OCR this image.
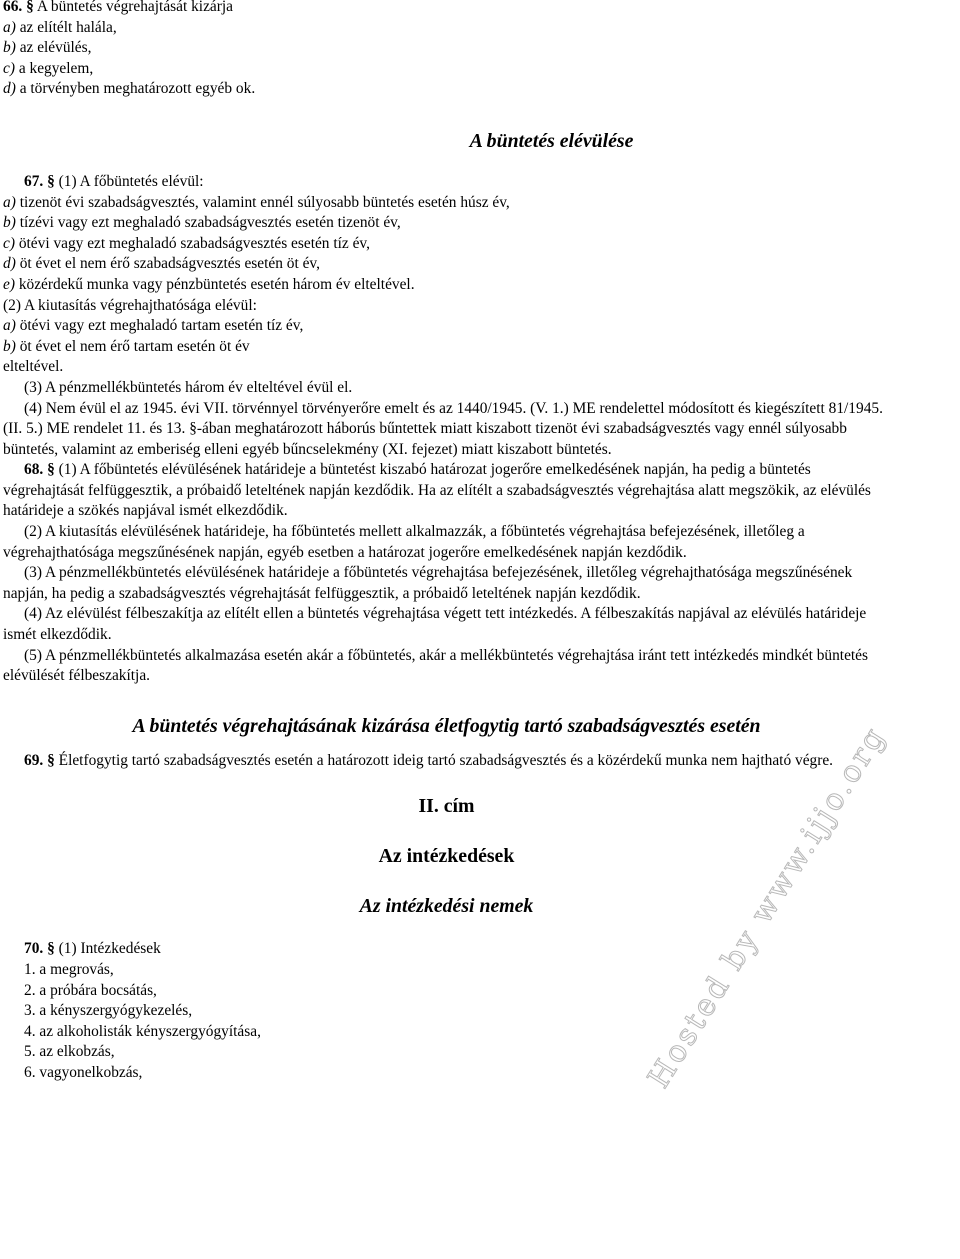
66. § A büntetés végrehajtását kizárja

a) az elítélt halála,

b) az elévülés,

c) a kegyelem,

d) a törvényben meghatározott egyéb ok.

A büntetés elévülése

67. § (1) A főbüntetés elévül:

a) tizenöt évi szabadságvesztés, valamint ennél súlyosabb büntetés esetén húsz év,

b) tízévi vagy ezt meghaladó szabadságvesztés esetén tizenöt év,

c) ötévi vagy ezt meghaladó szabadságvesztés esetén tíz év,

d) öt évet el nem érő szabadságvesztés esetén öt év,

e) közérdekű munka vagy pénzbüntetés esetén három év elteltével.

(2) A kiutasítás végrehajthatósága elévül:

a) ötévi vagy ezt meghaladó tartam esetén tíz év,

b) öt évet el nem érő tartam esetén öt év

elteltével.

(3) A pénzmellékbüntetés három év elteltével évül el.

(4) Nem évül el az 1945. évi VII. törvénnyel törvényerőre emelt és az 1440/1945. (V. 1.) ME rendelettel módosított és kiegészített 81/1945. (II. 5.) ME rendelet 11. és 13. §-ában meghatározott háborús bűntettek miatt kiszabott tizenöt évi szabadságvesztés vagy ennél súlyosabb büntetés, valamint az emberiség elleni egyéb bűncselekmény (XI. fejezet) miatt kiszabott büntetés.

68. § (1) A főbüntetés elévülésének határideje a büntetést kiszabó határozat jogerőre emelkedésének napján, ha pedig a büntetés végrehajtását felfüggesztik, a próbaidő leteltének napján kezdődik. Ha az elítélt a szabadságvesztés végrehajtása alatt megszökik, az elévülés határideje a szökés napjával ismét elkezdődik.

(2) A kiutasítás elévülésének határideje, ha főbüntetés mellett alkalmazzák, a főbüntetés végrehajtása befejezésének, illetőleg a végrehajthatósága megszűnésének napján, egyéb esetben a határozat jogerőre emelkedésének napján kezdődik.

(3) A pénzmellékbüntetés elévülésének határideje a főbüntetés végrehajtása befejezésének, illetőleg végrehajthatósága megszűnésének napján, ha pedig a szabadságvesztés végrehajtását felfüggesztik, a próbaidő leteltének napján kezdődik.

(4) Az elévülést félbeszakítja az elítélt ellen a büntetés végrehajtása végett tett intézkedés. A félbeszakítás napjával az elévülés határideje ismét elkezdődik.

(5) A pénzmellékbüntetés alkalmazása esetén akár a főbüntetés, akár a mellékbüntetés végrehajtása iránt tett intézkedés mindkét büntetés elévülését félbeszakítja.

A büntetés végrehajtásának kizárása életfogytig tartó szabadságvesztés esetén

69. § Életfogytig tartó szabadságvesztés esetén a határozott ideig tartó szabadságvesztés és a közérdekű munka nem hajtható végre.

II. cím
Az intézkedések
Az intézkedési nemek

70. § (1) Intézkedések

1. a megrovás,

2. a próbára bocsátás,

3. a kényszergyógykezelés,

4. az alkoholisták kényszergyógyítása,

5. az elkobzás,

6. vagyonelkobzás,	Hosted by www.ijjo.org
